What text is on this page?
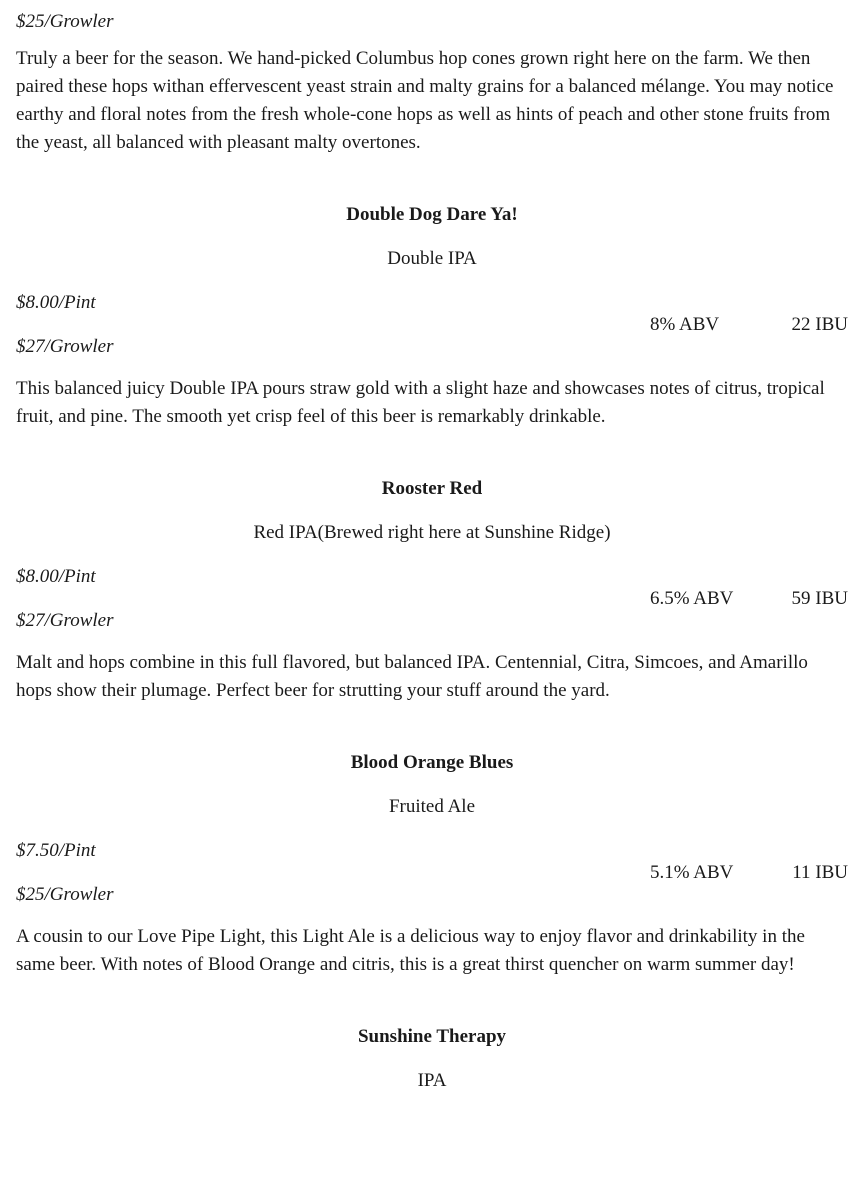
$25/Growler

Truly a beer for the season. We hand-picked Columbus hop cones grown right here on the farm. We then paired these hops withan effervescent yeast strain and malty grains for a balanced mélange. You may notice earthy and floral notes from the fresh whole-cone hops as well as hints of peach and other stone fruits from the yeast, all balanced with pleasant malty overtones.

Double Dog Dare Ya!
Double IPA
$8.00/Pint
$27/Growler
8% ABV	22 IBU

This balanced juicy Double IPA pours straw gold with a slight haze and showcases notes of citrus, tropical fruit, and pine. The smooth yet crisp feel of this beer is remarkably drinkable.

Rooster Red
Red IPA(Brewed right here at Sunshine Ridge)
$8.00/Pint
$27/Growler
6.5% ABV	59 IBU

Malt and hops combine in this full flavored, but balanced IPA. Centennial, Citra, Simcoes, and Amarillo hops show their plumage. Perfect beer for strutting your stuff around the yard.

Blood Orange Blues
Fruited Ale
$7.50/Pint
$25/Growler
5.1% ABV	11 IBU

A cousin to our Love Pipe Light, this Light Ale is a delicious way to enjoy flavor and drinkability in the same beer. With notes of Blood Orange and citris, this is a great thirst quencher on warm summer day!

Sunshine Therapy
IPA
